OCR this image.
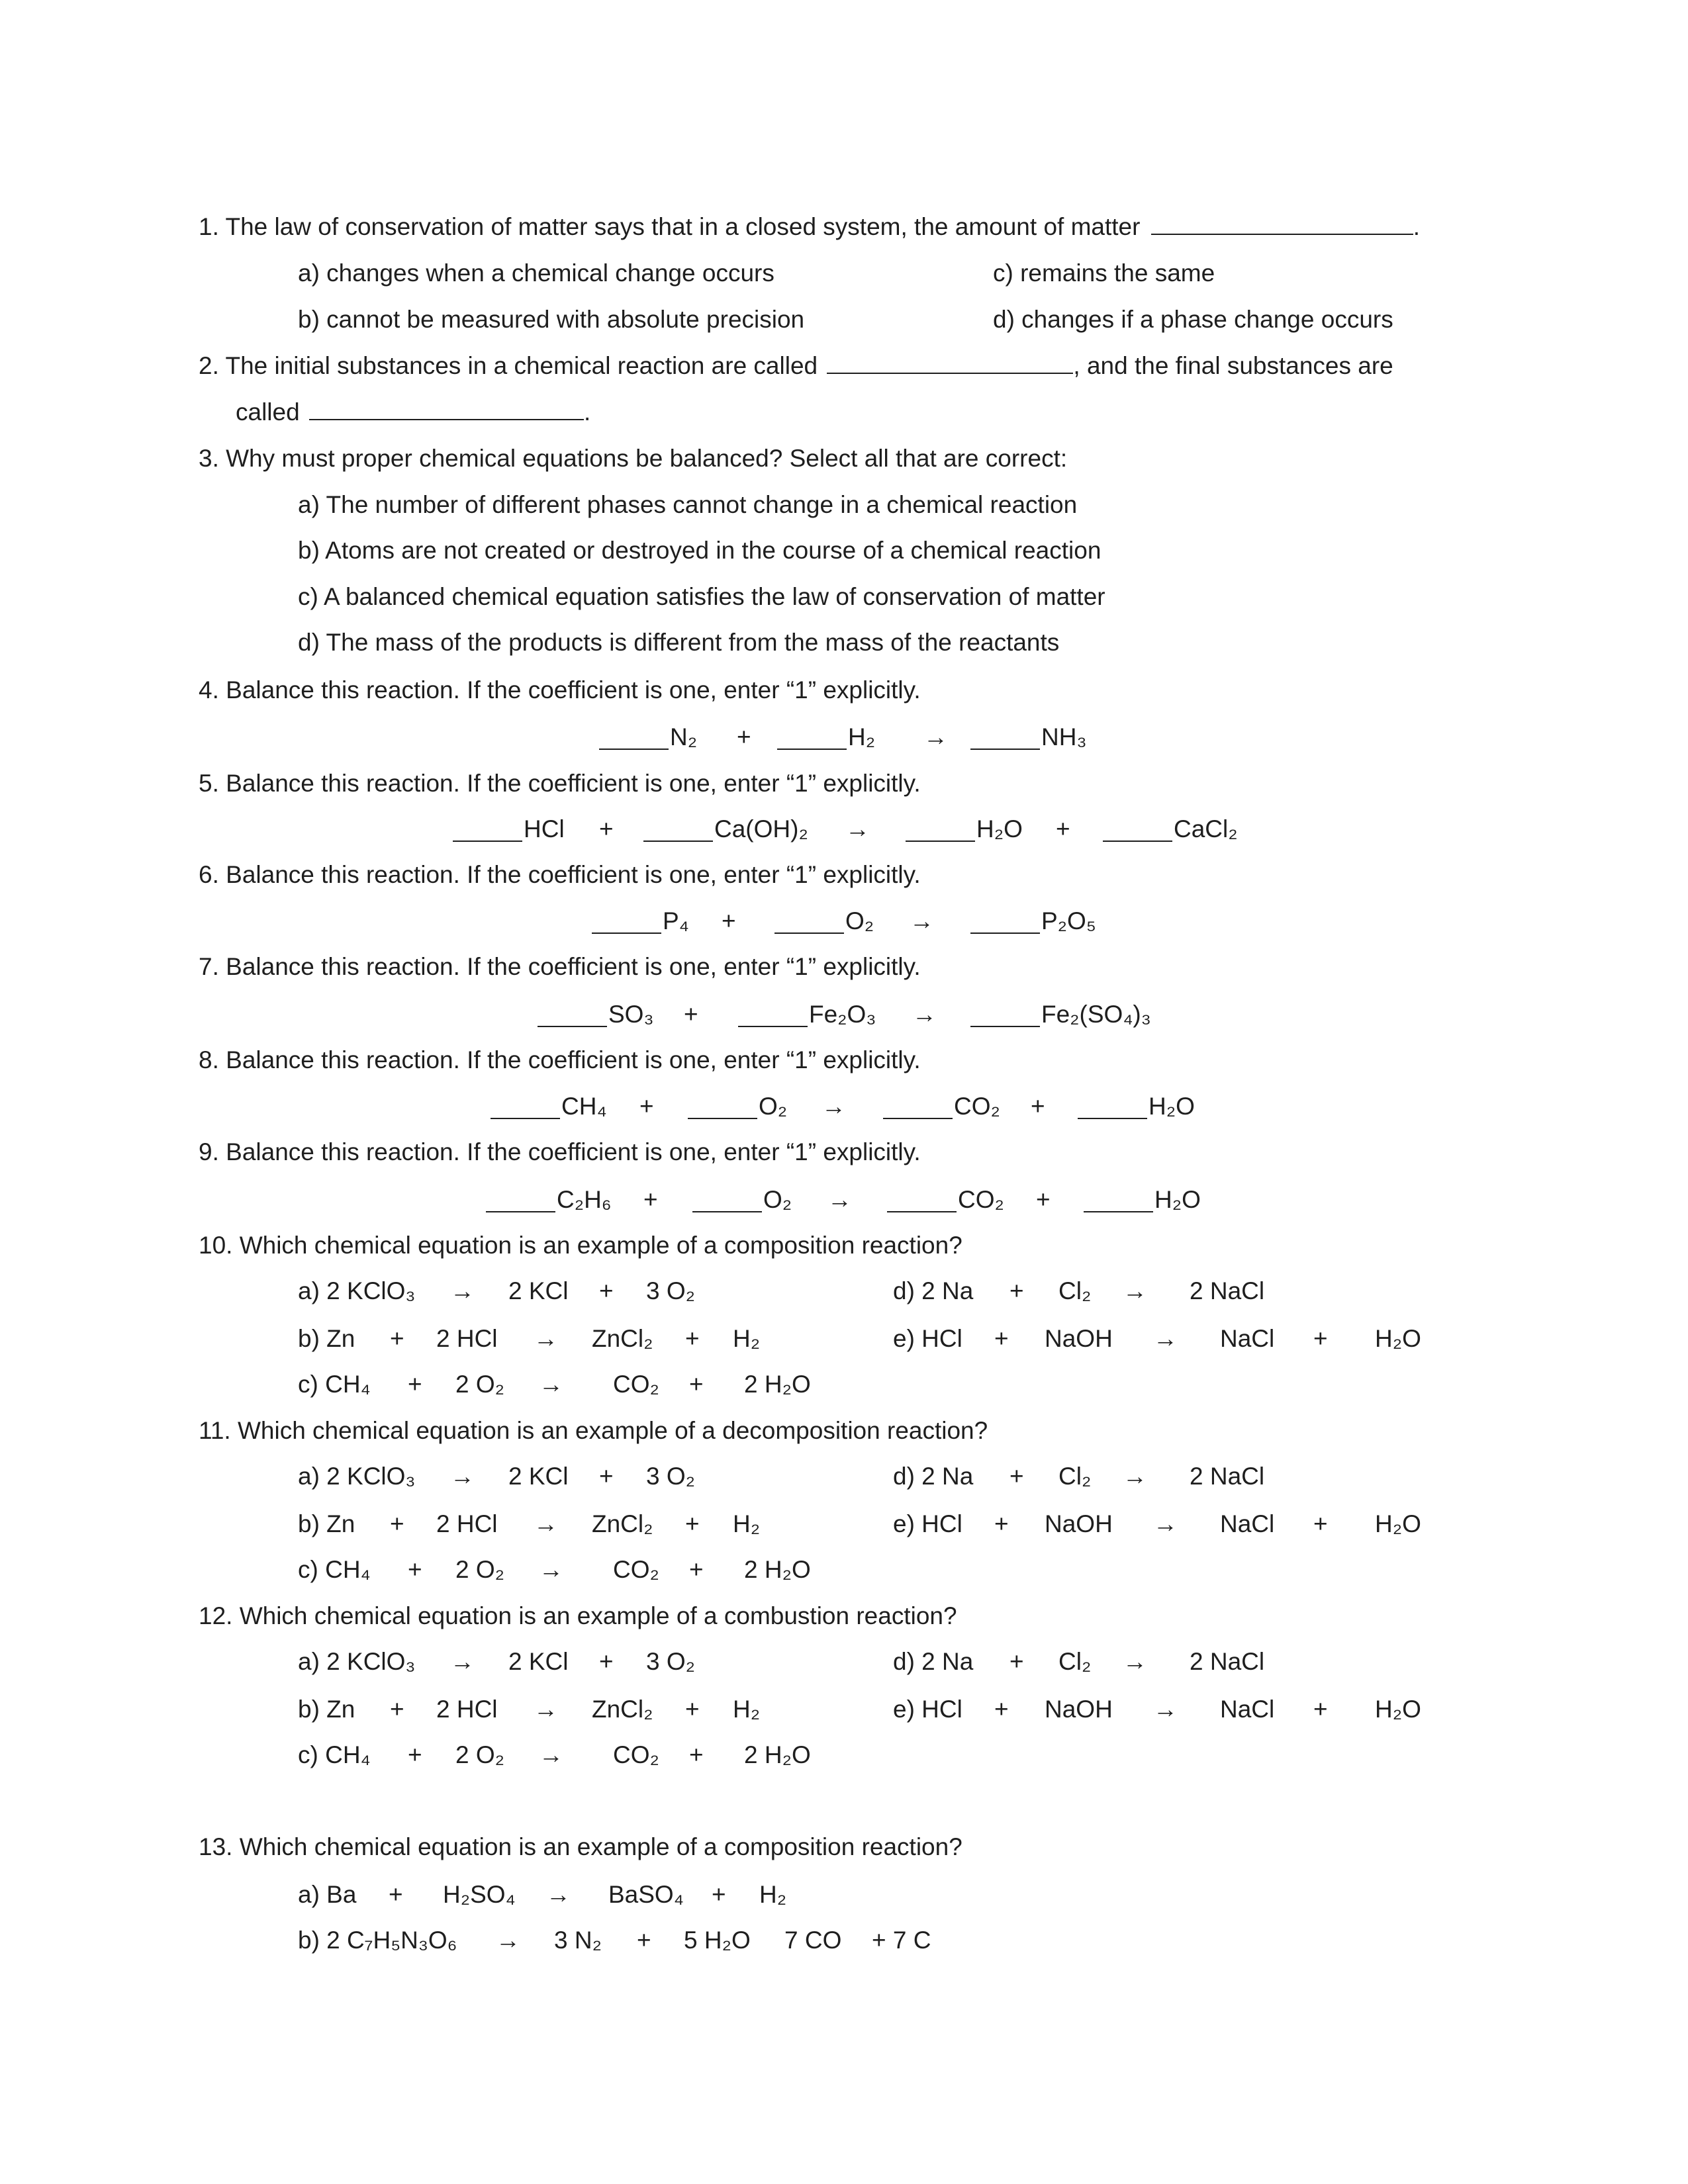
1. The law of conservation of matter says that in a closed system, the amount of matter	.
a) changes when a chemical change occurs
b) cannot be measured with absolute precision
c) remains the same
d) changes if a phase change occurs
2. The initial substances in a chemical reaction are called	, and the final substances are
called	.
3. Why must proper chemical equations be balanced? Select all that are correct:
a) The number of different phases cannot change in a chemical reaction
b) Atoms are not created or destroyed in the course of a chemical reaction
c) A balanced chemical equation satisfies the law of conservation of matter
d) The mass of the products is different from the mass of the reactants
4. Balance this reaction. If the coefficient is one, enter “1” explicitly.
5. Balance this reaction. If the coefficient is one, enter “1” explicitly.
6. Balance this reaction. If the coefficient is one, enter “1” explicitly.
7. Balance this reaction. If the coefficient is one, enter “1” explicitly.
8. Balance this reaction. If the coefficient is one, enter “1” explicitly.
9. Balance this reaction. If the coefficient is one, enter “1” explicitly.
10. Which chemical equation is an example of a composition reaction?
11. Which chemical equation is an example of a decomposition reaction?
12. Which chemical equation is an example of a combustion reaction?
13. Which chemical equation is an example of a composition reaction?
N₂ +	H₂ →	NH₃
HCl +	Ca(OH)₂ →	H₂O +	CaCl₂
P₄ +	O₂ →	P₂O₅
SO₃ +	Fe₂O₃ →	Fe₂(SO₄)₃
CH₄ +	O₂ →	CO₂ +	H₂O
C₂H₆ +	O₂ →	CO₂ +	H₂O
a) 2 KClO₃ → 2 KCl + 3 O₂
b) Zn + 2 HCl → ZnCl₂ + H₂
c) CH₄ + 2 O₂ → CO₂ + 2 H₂O
d) 2 Na + Cl₂ → 2 NaCl
e) HCl + NaOH → NaCl + H₂O
a) 2 KClO₃ → 2 KCl + 3 O₂
b) Zn + 2 HCl → ZnCl₂ + H₂
c) CH₄ + 2 O₂ → CO₂ + 2 H₂O
d) 2 Na + Cl₂ → 2 NaCl
e) HCl + NaOH → NaCl + H₂O
a) 2 KClO₃ → 2 KCl + 3 O₂
b) Zn + 2 HCl → ZnCl₂ + H₂
c) CH₄ + 2 O₂ → CO₂ + 2 H₂O
d) 2 Na + Cl₂ → 2 NaCl
e) HCl + NaOH → NaCl + H₂O
a) Ba + H₂SO₄ → BaSO₄ + H₂
b) 2 C₇H₅N₃O₆ → 3 N₂ + 5 H₂O 7 CO + 7 C
